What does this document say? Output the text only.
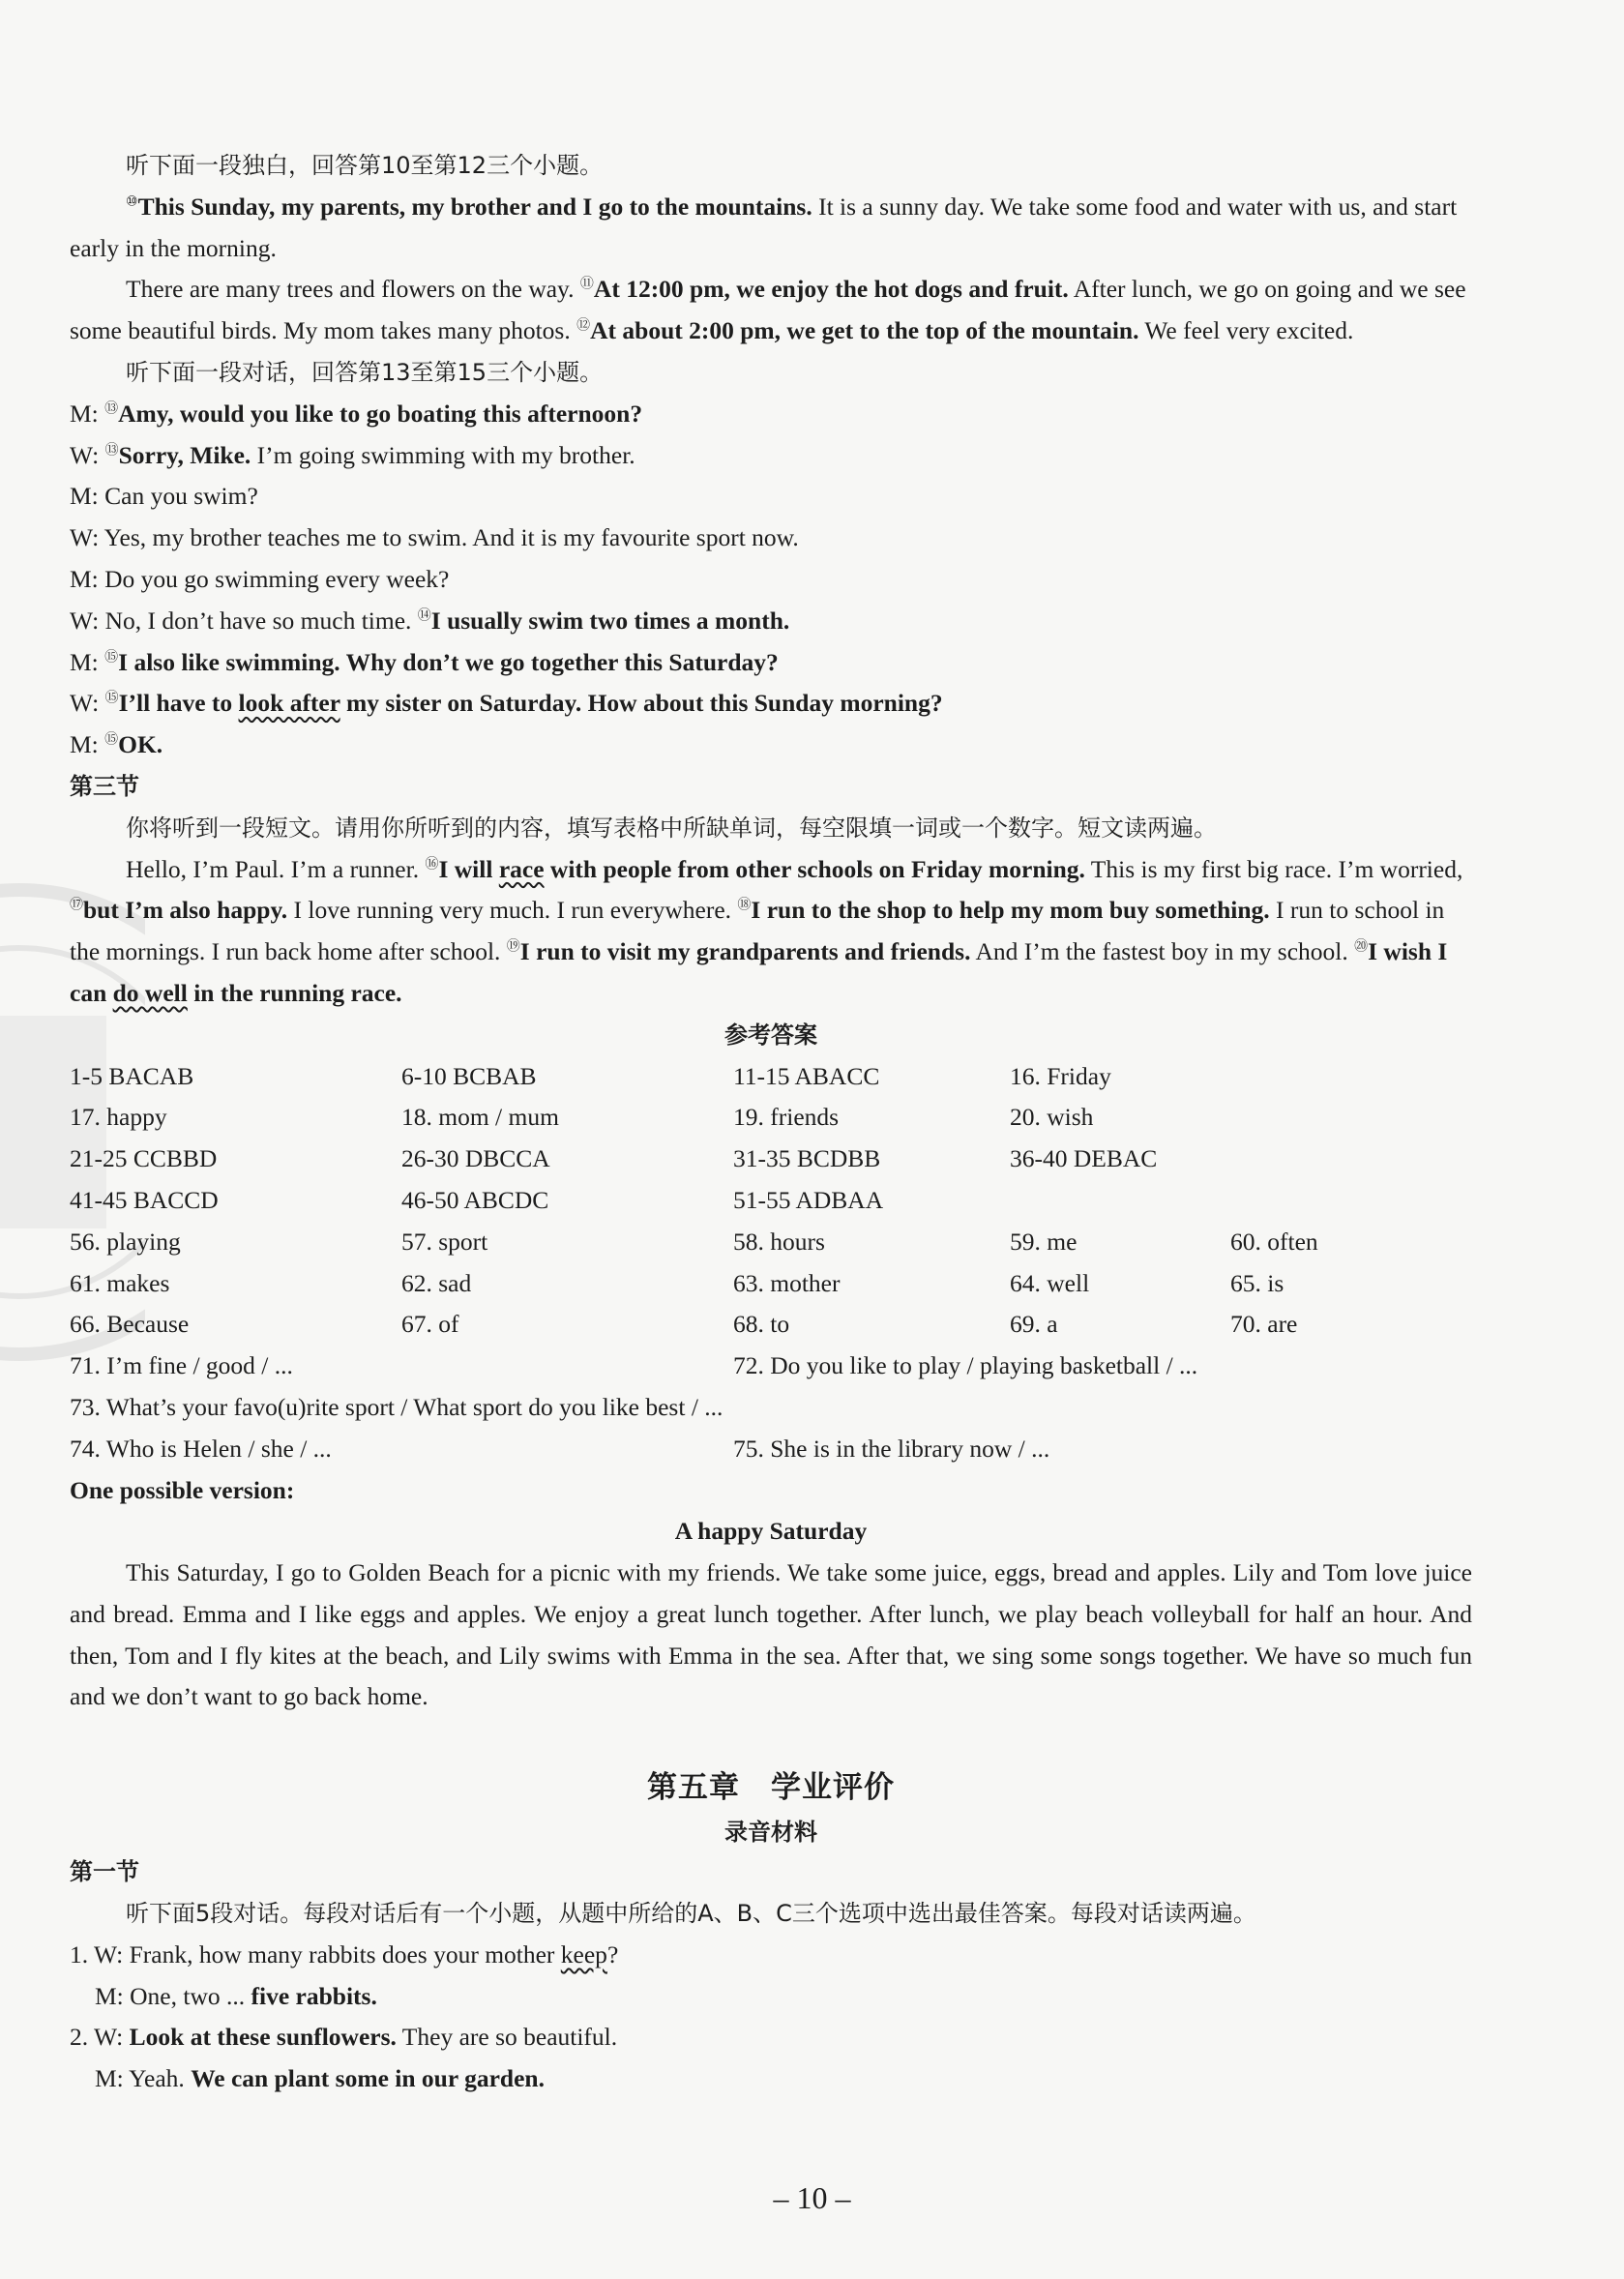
听下面一段独白，回答第10至第12三个小题。
⑩This Sunday, my parents, my brother and I go to the mountains. It is a sunny day. We take some food and water with us, and start early in the morning.
There are many trees and flowers on the way. ⑪At 12:00 pm, we enjoy the hot dogs and fruit. After lunch, we go on going and we see some beautiful birds. My mom takes many photos. ⑫At about 2:00 pm, we get to the top of the mountain. We feel very excited.
听下面一段对话，回答第13至第15三个小题。
M: ⑬Amy, would you like to go boating this afternoon?
W: ⑬Sorry, Mike. I’m going swimming with my brother.
M: Can you swim?
W: Yes, my brother teaches me to swim. And it is my favourite sport now.
M: Do you go swimming every week?
W: No, I don’t have so much time. ⑭I usually swim two times a month.
M: ⑮I also like swimming. Why don’t we go together this Saturday?
W: ⑮I’ll have to look after my sister on Saturday. How about this Sunday morning?
M: ⑮OK.
第三节
你将听到一段短文。请用你所听到的内容，填写表格中所缺单词，每空限填一词或一个数字。短文读两遍。
Hello, I’m Paul. I’m a runner. ⑯I will race with people from other schools on Friday morning. This is my first big race. I’m worried, ⑰but I’m also happy. I love running very much. I run everywhere. ⑱I run to the shop to help my mom buy something. I run to school in the mornings. I run back home after school. ⑲I run to visit my grandparents and friends. And I’m the fastest boy in my school. ⑳I wish I can do well in the running race.
参考答案
1-5 BACAB	6-10 BCBAB	11-15 ABACC	16. Friday
17. happy	18. mom / mum	19. friends	20. wish
21-25 CCBBD	26-30 DBCCA	31-35 BCDBB	36-40 DEBAC
41-45 BACCD	46-50 ABCDC	51-55 ADBAA
56. playing	57. sport	58. hours	59. me	60. often
61. makes	62. sad	63. mother	64. well	65. is
66. Because	67. of	68. to	69. a	70. are
71. I’m fine / good / ...	72. Do you like to play / playing basketball / ...
73. What’s your favo(u)rite sport / What sport do you like best / ...
74. Who is Helen / she / ...	75. She is in the library now / ...
One possible version:
A happy Saturday
This Saturday, I go to Golden Beach for a picnic with my friends. We take some juice, eggs, bread and apples. Lily and Tom love juice and bread. Emma and I like eggs and apples. We enjoy a great lunch together. After lunch, we play beach volleyball for half an hour. And then, Tom and I fly kites at the beach, and Lily swims with Emma in the sea. After that, we sing some songs together. We have so much fun and we don’t want to go back home.
第五章　学业评价
录音材料
第一节
听下面5段对话。每段对话后有一个小题，从题中所给的A、B、C三个选项中选出最佳答案。每段对话读两遍。
1. W: Frank, how many rabbits does your mother keep?
M: One, two ... five rabbits.
2. W: Look at these sunflowers. They are so beautiful.
M: Yeah. We can plant some in our garden.
– 10 –
